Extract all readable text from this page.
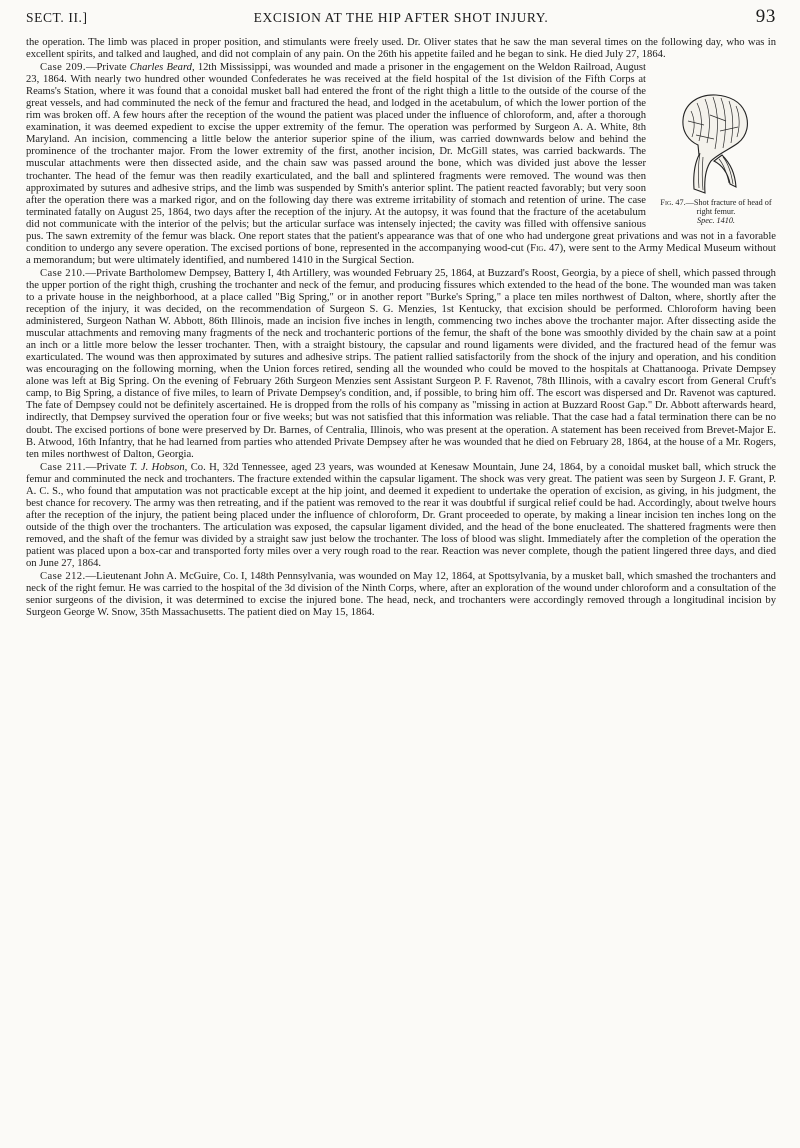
SECT. II.]	EXCISION AT THE HIP AFTER SHOT INJURY.	93

the operation. The limb was placed in proper position, and stimulants were freely used. Dr. Oliver states that he saw the man several times on the following day, who was in excellent spirits, and talked and laughed, and did not complain of any pain. On the 26th his appetite failed and he began to sink. He died July 27, 1864.

Fig. 47.—Shot fracture of head of right femur.
Spec. 1410.

Case 209.—Private Charles Beard, 12th Mississippi, was wounded and made a prisoner in the engagement on the Weldon Railroad, August 23, 1864. With nearly two hundred other wounded Confederates he was received at the field hospital of the 1st division of the Fifth Corps at Reams's Station, where it was found that a conoidal musket ball had entered the front of the right thigh a little to the outside of the course of the great vessels, and had comminuted the neck of the femur and fractured the head, and lodged in the acetabulum, of which the lower portion of the rim was broken off. A few hours after the reception of the wound the patient was placed under the influence of chloroform, and, after a thorough examination, it was deemed expedient to excise the upper extremity of the femur. The operation was performed by Surgeon A. A. White, 8th Maryland. An incision, commencing a little below the anterior superior spine of the ilium, was carried downwards below and behind the prominence of the trochanter major. From the lower extremity of the first, another incision, Dr. McGill states, was carried backwards. The muscular attachments were then dissected aside, and the chain saw was passed around the bone, which was divided just above the lesser trochanter. The head of the femur was then readily exarticulated, and the ball and splintered fragments were removed. The wound was then approximated by sutures and adhesive strips, and the limb was suspended by Smith's anterior splint. The patient reacted favorably; but very soon after the operation there was a marked rigor, and on the following day there was extreme irritability of stomach and retention of urine. The case terminated fatally on August 25, 1864, two days after the reception of the injury. At the autopsy, it was found that the fracture of the acetabulum did not communicate with the interior of the pelvis; but the articular surface was intensely injected; the cavity was filled with offensive sanious pus. The sawn extremity of the femur was black. One report states that the patient's appearance was that of one who had undergone great privations and was not in a favorable condition to undergo any severe operation. The excised portions of bone, represented in the accompanying wood-cut (Fig. 47), were sent to the Army Medical Museum without a memorandum; but were ultimately identified, and numbered 1410 in the Surgical Section.

Case 210.—Private Bartholomew Dempsey, Battery I, 4th Artillery, was wounded February 25, 1864, at Buzzard's Roost, Georgia, by a piece of shell, which passed through the upper portion of the right thigh, crushing the trochanter and neck of the femur, and producing fissures which extended to the head of the bone. The wounded man was taken to a private house in the neighborhood, at a place called "Big Spring," or in another report "Burke's Spring," a place ten miles northwest of Dalton, where, shortly after the reception of the injury, it was decided, on the recommendation of Surgeon S. G. Menzies, 1st Kentucky, that excision should be performed. Chloroform having been administered, Surgeon Nathan W. Abbott, 86th Illinois, made an incision five inches in length, commencing two inches above the trochanter major. After dissecting aside the muscular attachments and removing many fragments of the neck and trochanteric portions of the femur, the shaft of the bone was smoothly divided by the chain saw at a point an inch or a little more below the lesser trochanter. Then, with a straight bistoury, the capsular and round ligaments were divided, and the fractured head of the femur was exarticulated. The wound was then approximated by sutures and adhesive strips. The patient rallied satisfactorily from the shock of the injury and operation, and his condition was encouraging on the following morning, when the Union forces retired, sending all the wounded who could be moved to the hospitals at Chattanooga. Private Dempsey alone was left at Big Spring. On the evening of February 26th Surgeon Menzies sent Assistant Surgeon P. F. Ravenot, 78th Illinois, with a cavalry escort from General Cruft's camp, to Big Spring, a distance of five miles, to learn of Private Dempsey's condition, and, if possible, to bring him off. The escort was dispersed and Dr. Ravenot was captured. The fate of Dempsey could not be definitely ascertained. He is dropped from the rolls of his company as "missing in action at Buzzard Roost Gap." Dr. Abbott afterwards heard, indirectly, that Dempsey survived the operation four or five weeks; but was not satisfied that this information was reliable. That the case had a fatal termination there can be no doubt. The excised portions of bone were preserved by Dr. Barnes, of Centralia, Illinois, who was present at the operation. A statement has been received from Brevet-Major E. B. Atwood, 16th Infantry, that he had learned from parties who attended Private Dempsey after he was wounded that he died on February 28, 1864, at the house of a Mr. Rogers, ten miles northwest of Dalton, Georgia.

Case 211.—Private T. J. Hobson, Co. H, 32d Tennessee, aged 23 years, was wounded at Kenesaw Mountain, June 24, 1864, by a conoidal musket ball, which struck the femur and comminuted the neck and trochanters. The fracture extended within the capsular ligament. The shock was very great. The patient was seen by Surgeon J. F. Grant, P. A. C. S., who found that amputation was not practicable except at the hip joint, and deemed it expedient to undertake the operation of excision, as giving, in his judgment, the best chance for recovery. The army was then retreating, and if the patient was removed to the rear it was doubtful if surgical relief could be had. Accordingly, about twelve hours after the reception of the injury, the patient being placed under the influence of chloroform, Dr. Grant proceeded to operate, by making a linear incision ten inches long on the outside of the thigh over the trochanters. The articulation was exposed, the capsular ligament divided, and the head of the bone enucleated. The shattered fragments were then removed, and the shaft of the femur was divided by a straight saw just below the trochanter. The loss of blood was slight. Immediately after the completion of the operation the patient was placed upon a box-car and transported forty miles over a very rough road to the rear. Reaction was never complete, though the patient lingered three days, and died on June 27, 1864.

Case 212.—Lieutenant John A. McGuire, Co. I, 148th Pennsylvania, was wounded on May 12, 1864, at Spottsylvania, by a musket ball, which smashed the trochanters and neck of the right femur. He was carried to the hospital of the 3d division of the Ninth Corps, where, after an exploration of the wound under chloroform and a consultation of the senior surgeons of the division, it was determined to excise the injured bone. The head, neck, and trochanters were accordingly removed through a longitudinal incision by Surgeon George W. Snow, 35th Massachusetts. The patient died on May 15, 1864.
